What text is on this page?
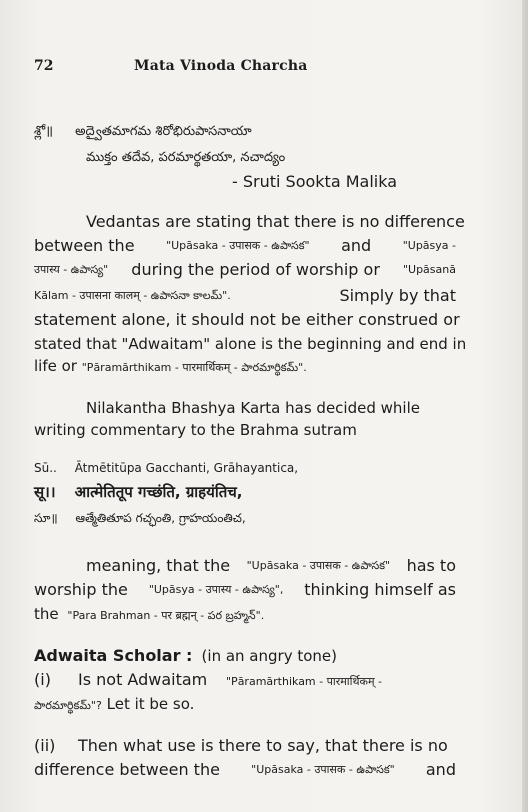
72	Mata Vinoda Charcha
శ్లో॥ అద్వైతమాగమ శిరోభిరుపాసనాయా
ముక్తం తదేవ, పరమార్థతయా, నచాద్యం
- Sruti Sookta Malika
Vedantas are stating that there is no difference
between the	"Upāsaka - उपासक - ఉపాసక" and	"Upāsya -
उपास्य - ఉపాస్య" during the period of worship or "Upāsanā
Kālam - उपासना कालम् - ఉపాసనా కాలమ్".	Simply by that
statement alone, it should not be either construed or
stated that "Adwaitam" alone is the beginning and end in
life or "Pāramārthikam - पारमार्थिकम् - పారమార్థికమ్".
Nilakantha Bhashya Karta has decided while
writing commentary to the Brahma sutram
Sū.. Ātmētitūpa Gacchanti, Grāhayantica,
सू।। आत्मेतितूप गच्छंति, ग्राहयंतिच,
సూ॥ ఆత్మేతితూప గచ్ఛంతి, గ్రాహయంతిచ,
meaning, that the "Upāsaka - उपासक - ఉపాసక" has to
worship the "Upāsya - उपास्य - ఉపాస్య", thinking himself as
the "Para Brahman - पर ब्रह्मन् - పర బ్రహ్మన్".
Adwaita Scholar : (in an angry tone)
(i) Is not Adwaitam "Pāramārthikam - पारमार्थिकम् -
పారమార్థికమ్"? Let it be so.
(ii) Then what use is there to say, that there is no
difference between the	"Upāsaka - उपासक - ఉపాసక" and
